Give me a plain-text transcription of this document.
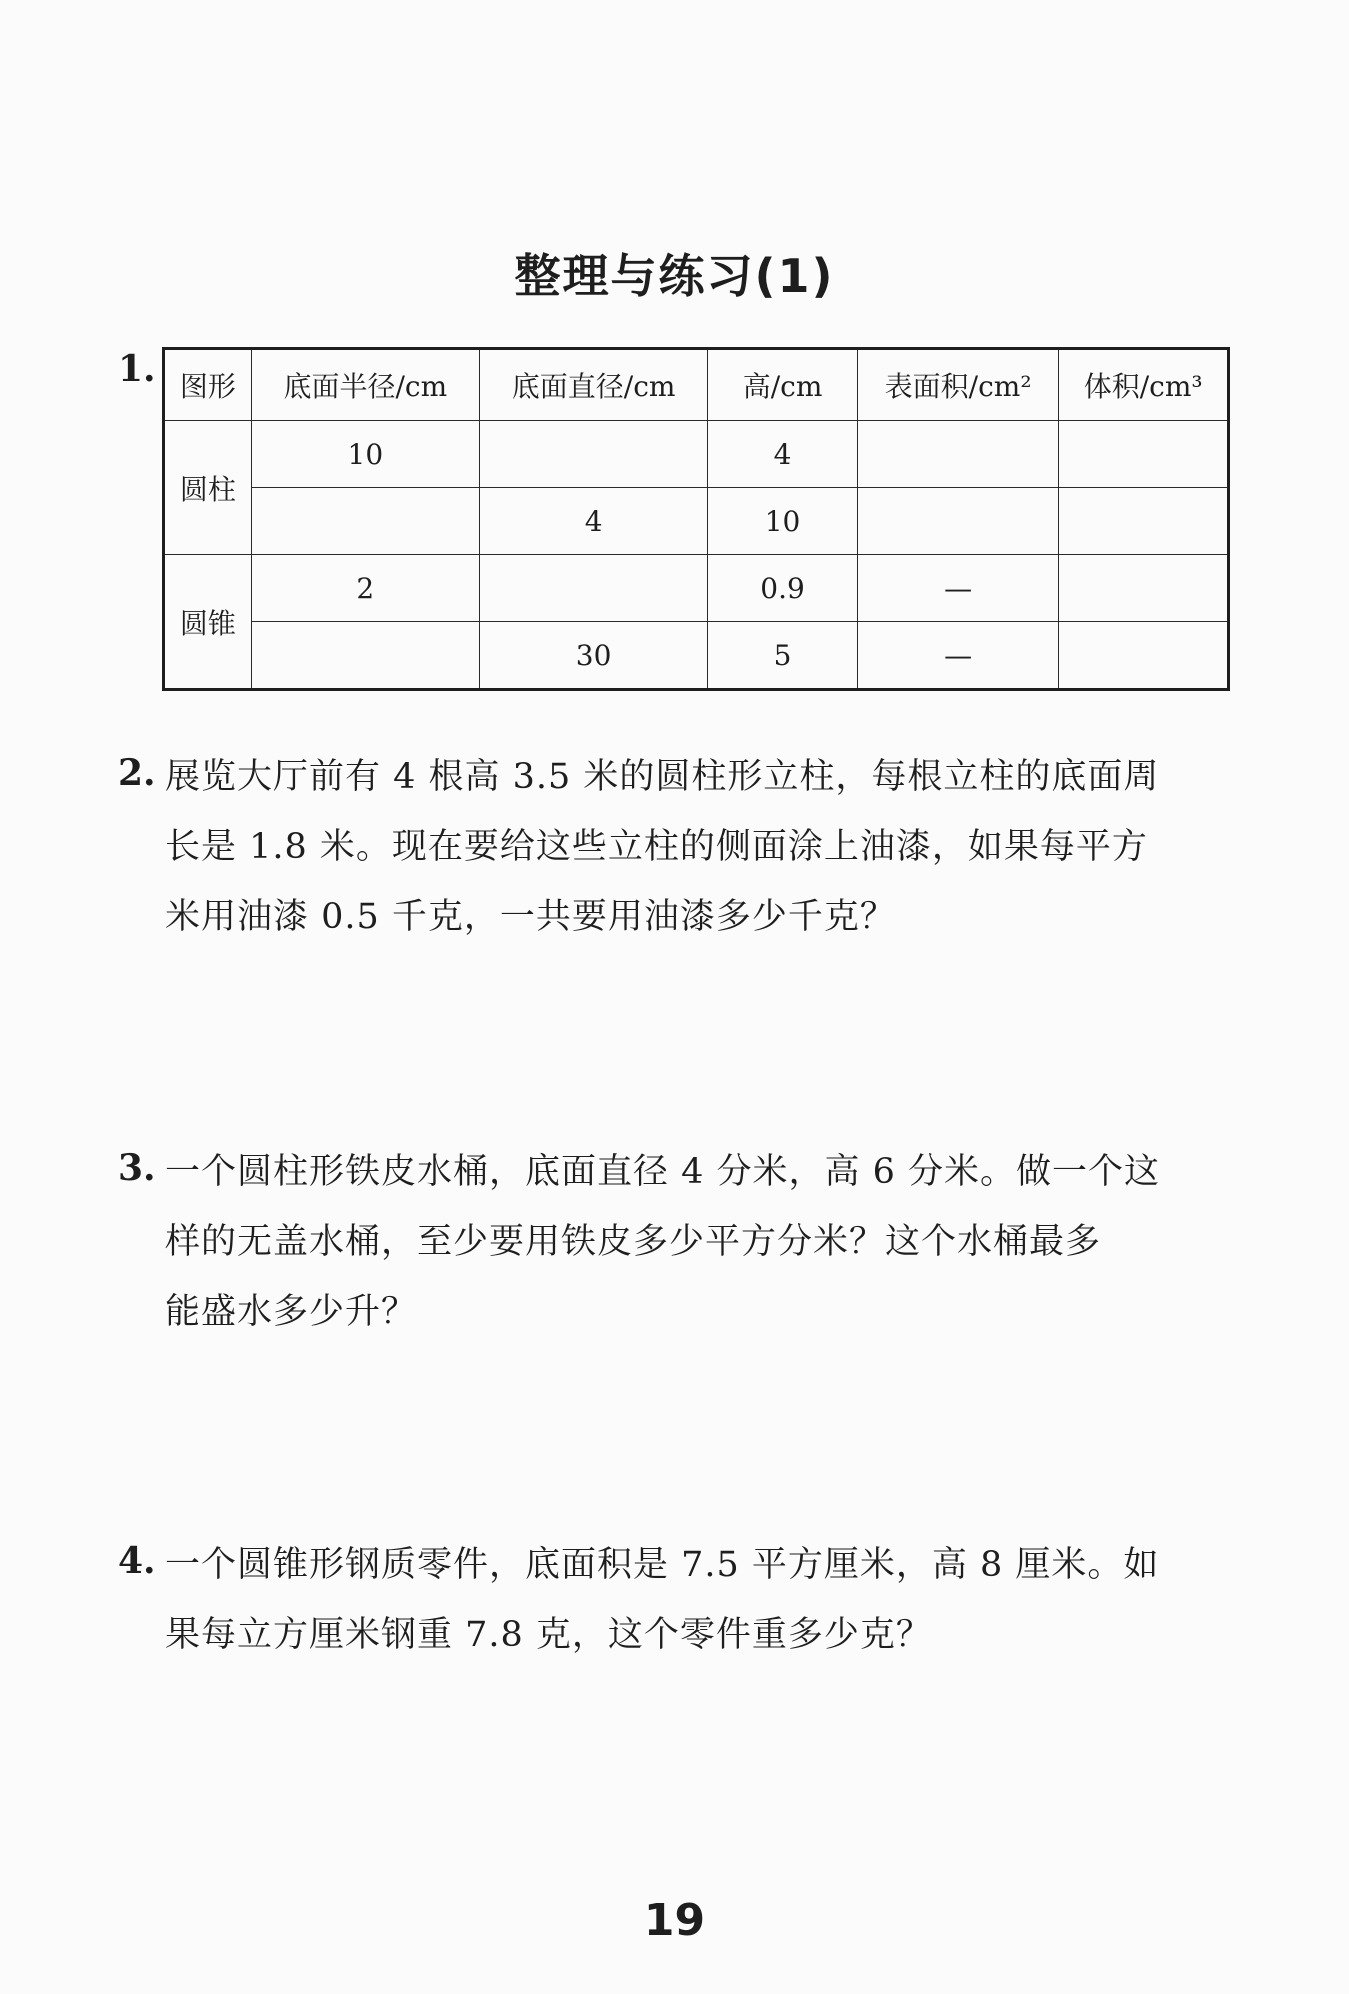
整理与练习(1)
1. 图形	底面半径/cm	底面直径/cm	高/cm	表面积/cm²	体积/cm³
圆柱	10		4		
		4	10		
圆锥	2		0.9	—	
		30	5	—	
2. 展览大厅前有 4 根高 3.5 米的圆柱形立柱，每根立柱的底面周
长是 1.8 米。现在要给这些立柱的侧面涂上油漆，如果每平方
米用油漆 0.5 千克，一共要用油漆多少千克？
3. 一个圆柱形铁皮水桶，底面直径 4 分米，高 6 分米。做一个这
样的无盖水桶，至少要用铁皮多少平方分米？这个水桶最多
能盛水多少升？
4. 一个圆锥形钢质零件，底面积是 7.5 平方厘米，高 8 厘米。如
果每立方厘米钢重 7.8 克，这个零件重多少克？
19
